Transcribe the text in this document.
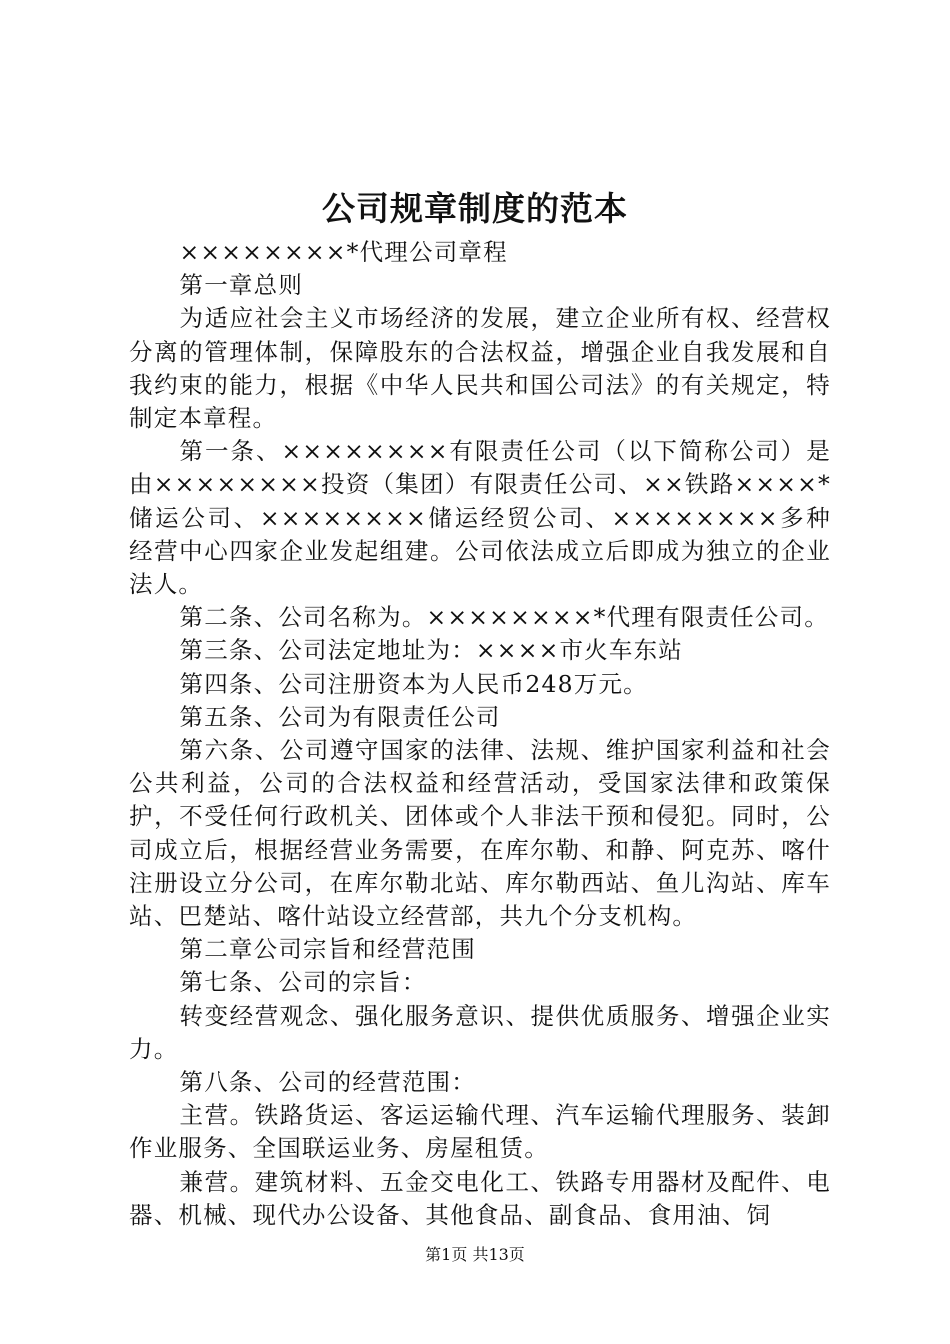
公司规章制度的范本

××××××××*代理公司章程

第一章总则

为适应社会主义市场经济的发展，建立企业所有权、经营权分离的管理体制，保障股东的合法权益，增强企业自我发展和自我约束的能力，根据《中华人民共和国公司法》的有关规定，特制定本章程。

第一条、××××××××有限责任公司（以下简称公司）是由××××××××投资（集团）有限责任公司、××铁路××××*储运公司、××××××××储运经贸公司、××××××××多种经营中心四家企业发起组建。公司依法成立后即成为独立的企业法人。

第二条、公司名称为。××××××××*代理有限责任公司。

第三条、公司法定地址为：××××市火车东站

第四条、公司注册资本为人民币248万元。

第五条、公司为有限责任公司

第六条、公司遵守国家的法律、法规、维护国家利益和社会公共利益，公司的合法权益和经营活动，受国家法律和政策保护，不受任何行政机关、团体或个人非法干预和侵犯。同时，公司成立后，根据经营业务需要，在库尔勒、和静、阿克苏、喀什注册设立分公司，在库尔勒北站、库尔勒西站、鱼儿沟站、库车站、巴楚站、喀什站设立经营部，共九个分支机构。

第二章公司宗旨和经营范围

第七条、公司的宗旨：

转变经营观念、强化服务意识、提供优质服务、增强企业实力。

第八条、公司的经营范围：

主营。铁路货运、客运运输代理、汽车运输代理服务、装卸作业服务、全国联运业务、房屋租赁。

兼营。建筑材料、五金交电化工、铁路专用器材及配件、电器、机械、现代办公设备、其他食品、副食品、食用油、饲

第1页 共13页
